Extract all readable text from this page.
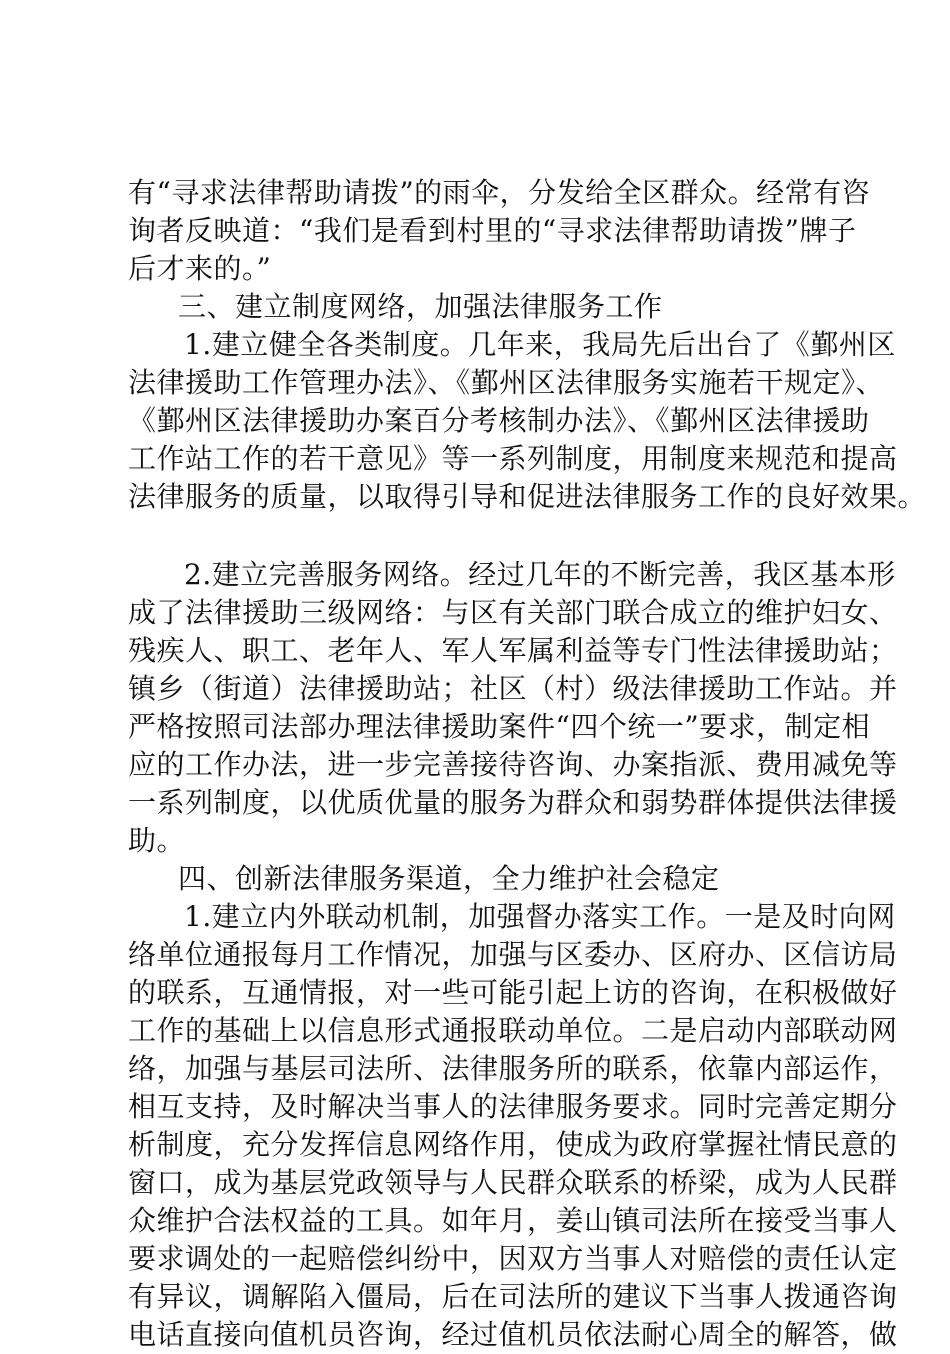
有“寻求法律帮助请拨”的雨伞，分发给全区群众。经常有咨
询者反映道：“我们是看到村里的“寻求法律帮助请拨”牌子
后才来的。”
三、建立制度网络，加强法律服务工作
1.建立健全各类制度。几年来，我局先后出台了《鄞州区
法律援助工作管理办法》、《鄞州区法律服务实施若干规定》、
《鄞州区法律援助办案百分考核制办法》、《鄞州区法律援助
工作站工作的若干意见》等一系列制度，用制度来规范和提高
法律服务的质量，以取得引导和促进法律服务工作的良好效果。
2.建立完善服务网络。经过几年的不断完善，我区基本形
成了法律援助三级网络：与区有关部门联合成立的维护妇女、
残疾人、职工、老年人、军人军属利益等专门性法律援助站；
镇乡（街道）法律援助站；社区（村）级法律援助工作站。并
严格按照司法部办理法律援助案件“四个统一”要求，制定相
应的工作办法，进一步完善接待咨询、办案指派、费用减免等
一系列制度，以优质优量的服务为群众和弱势群体提供法律援
助。
四、创新法律服务渠道，全力维护社会稳定
1.建立内外联动机制，加强督办落实工作。一是及时向网
络单位通报每月工作情况，加强与区委办、区府办、区信访局
的联系，互通情报，对一些可能引起上访的咨询，在积极做好
工作的基础上以信息形式通报联动单位。二是启动内部联动网
络，加强与基层司法所、法律服务所的联系，依靠内部运作，
相互支持，及时解决当事人的法律服务要求。同时完善定期分
析制度，充分发挥信息网络作用，使成为政府掌握社情民意的
窗口，成为基层党政领导与人民群众联系的桥梁，成为人民群
众维护合法权益的工具。如年月，姜山镇司法所在接受当事人
要求调处的一起赔偿纠纷中，因双方当事人对赔偿的责任认定
有异议，调解陷入僵局，后在司法所的建议下当事人拨通咨询
电话直接向值机员咨询，经过值机员依法耐心周全的解答，做
